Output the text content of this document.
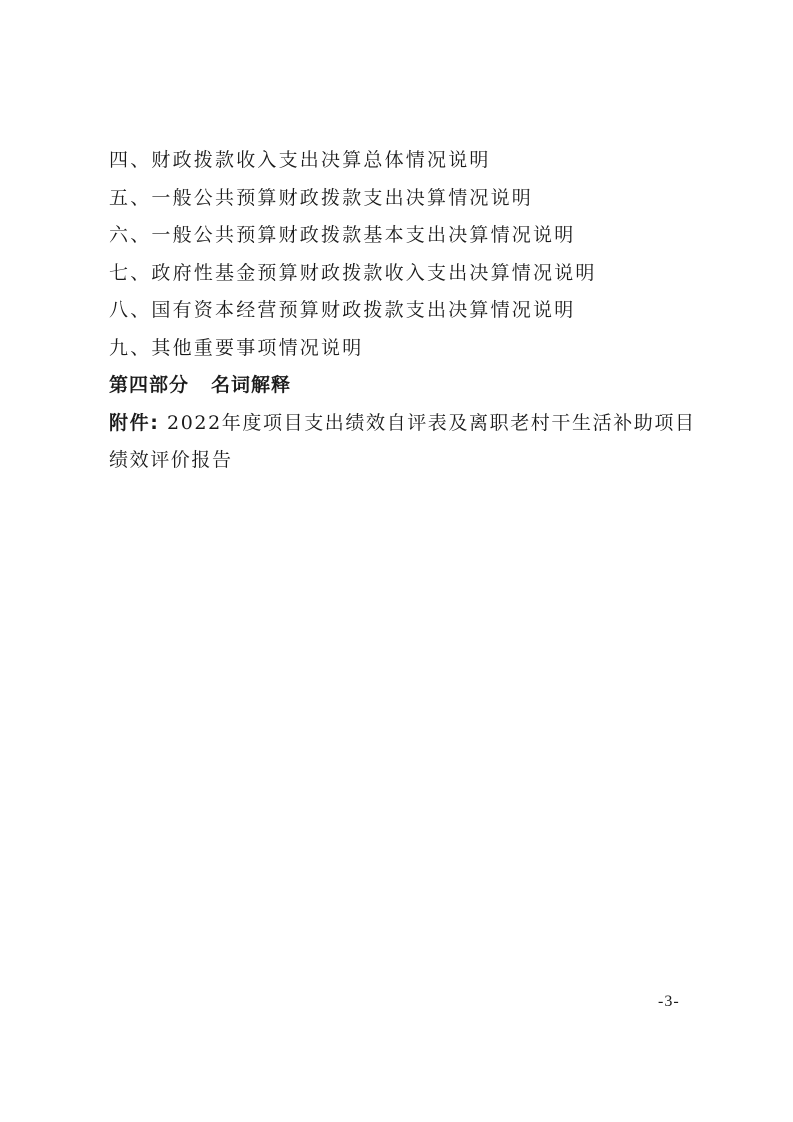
四、财政拨款收入支出决算总体情况说明
五、一般公共预算财政拨款支出决算情况说明
六、一般公共预算财政拨款基本支出决算情况说明
七、政府性基金预算财政拨款收入支出决算情况说明
八、国有资本经营预算财政拨款支出决算情况说明
九、其他重要事项情况说明
第四部分 名词解释
附件: 2022年度项目支出绩效自评表及离职老村干生活补助项目绩效评价报告
-3-
